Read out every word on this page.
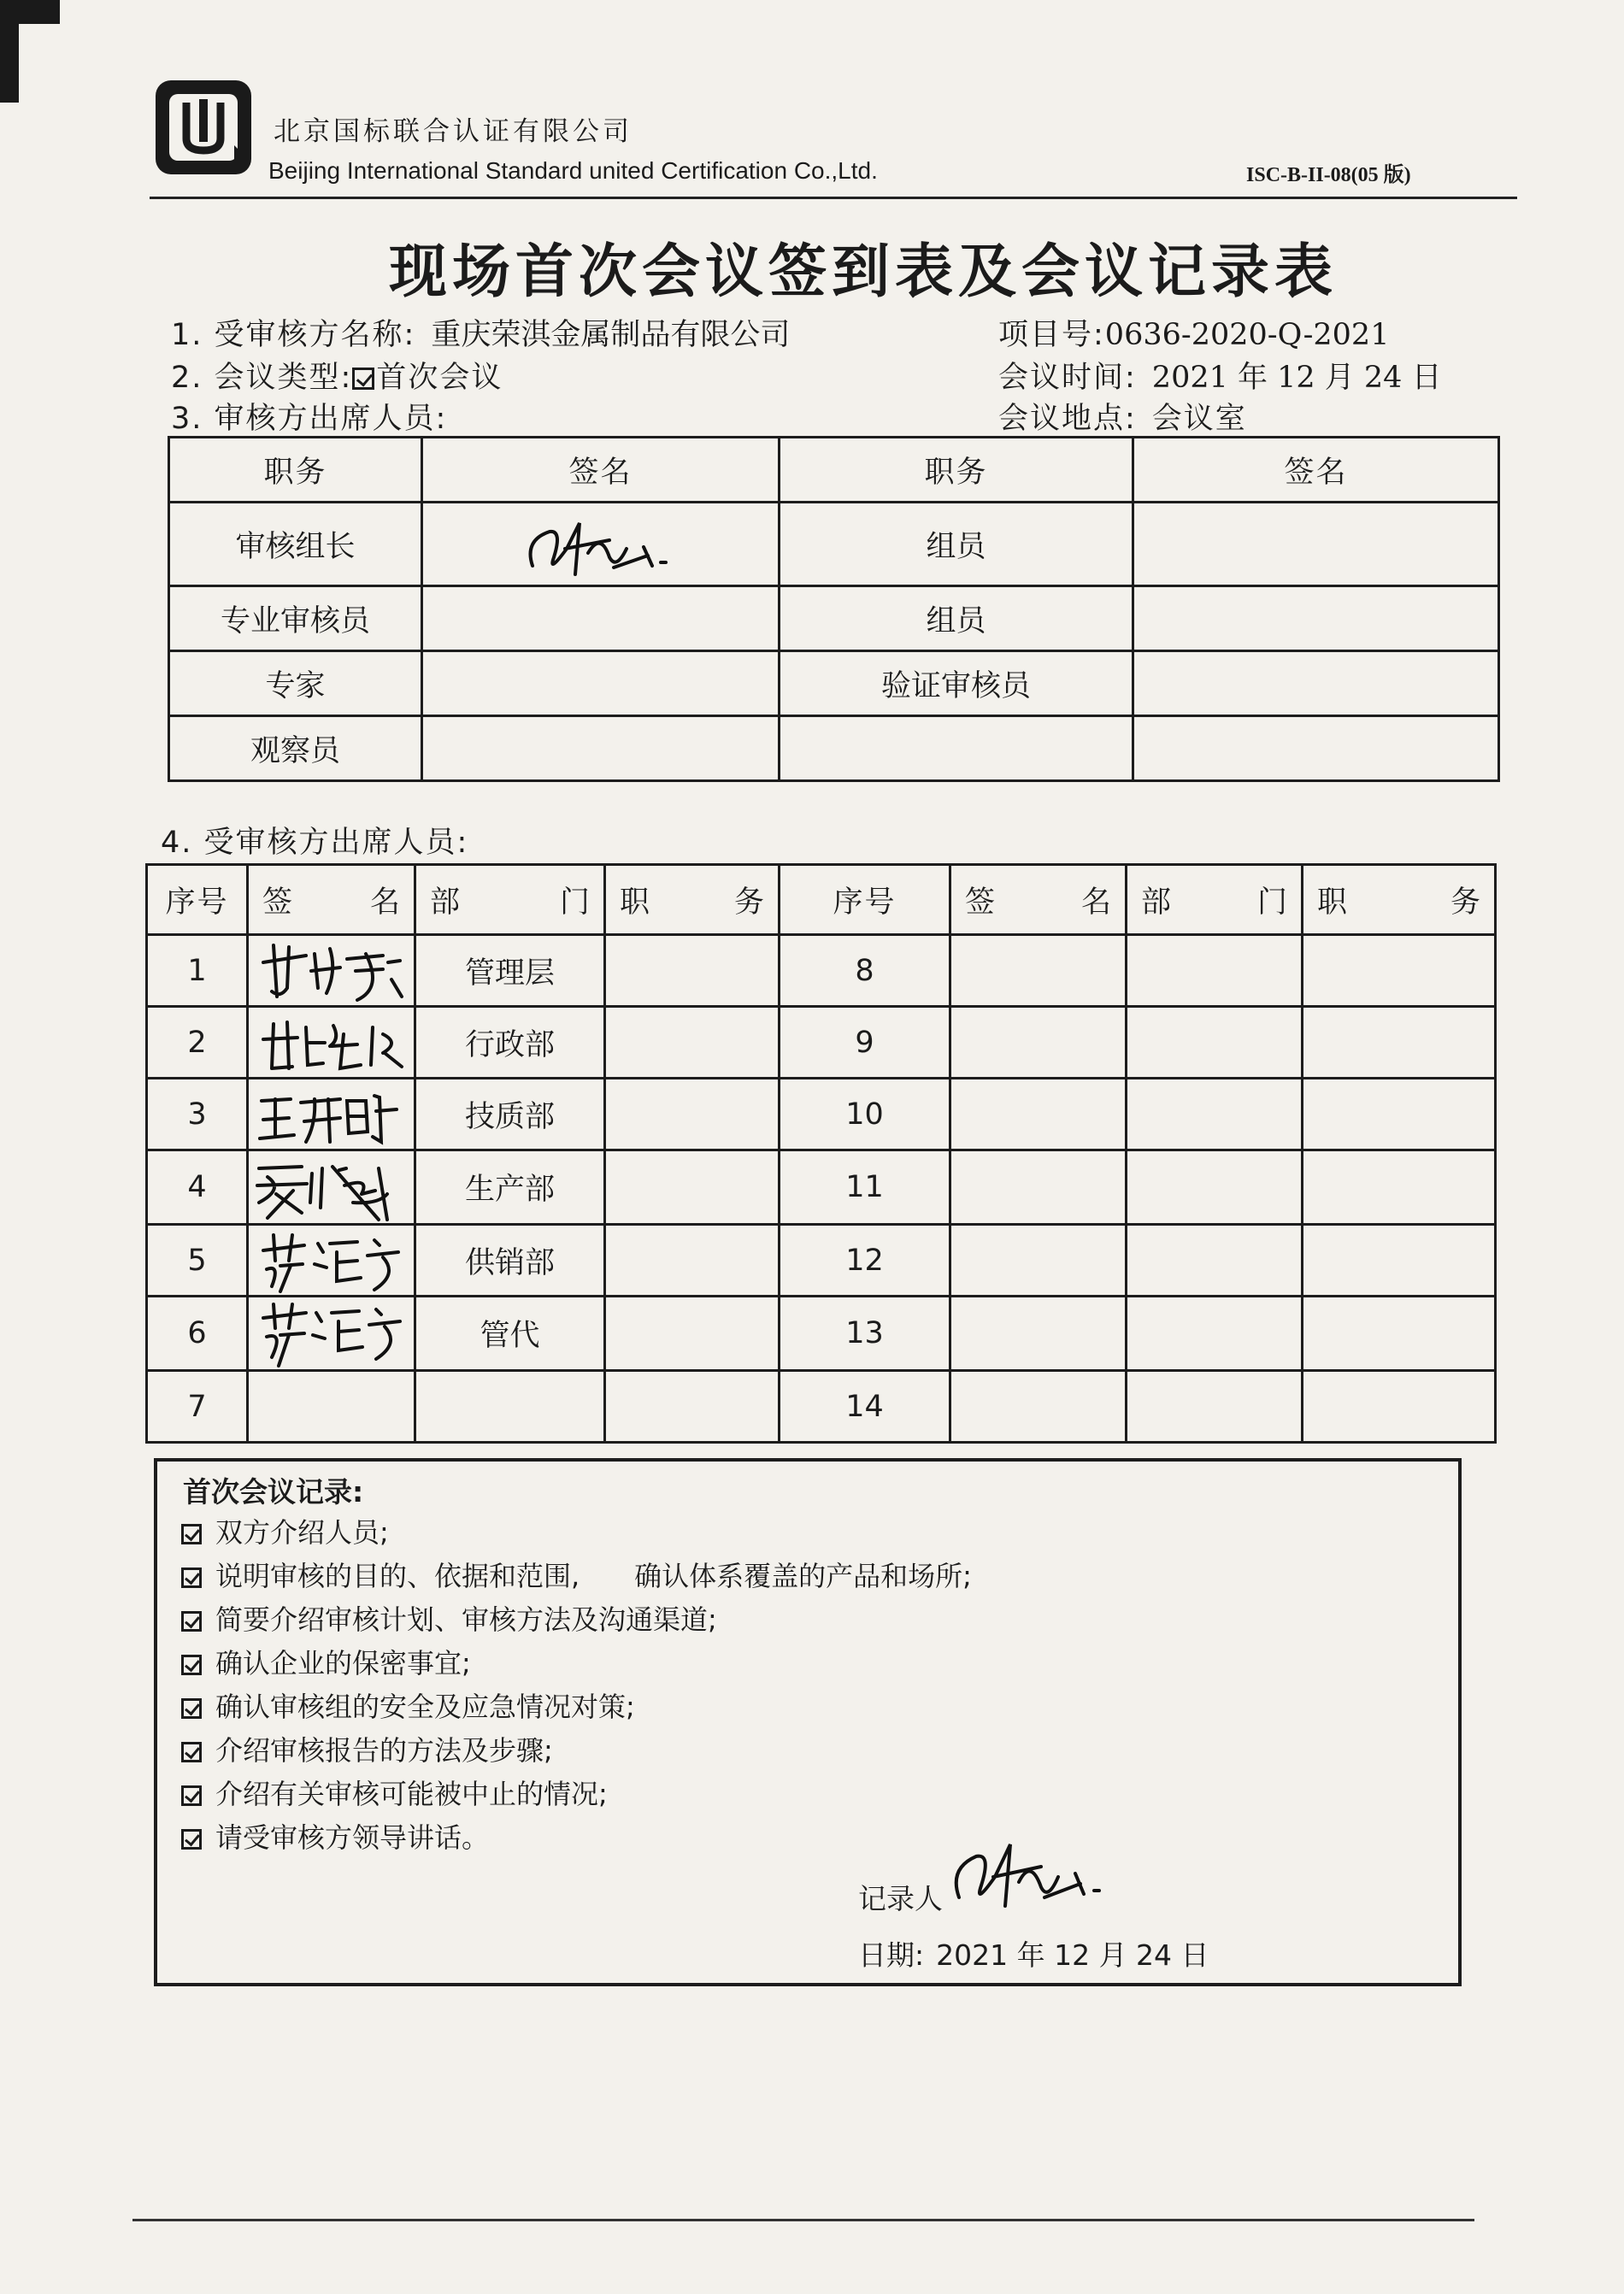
北京国标联合认证有限公司
Beijing International Standard united Certification Co.,Ltd.	ISC-B-II-08(05 版)
现场首次会议签到表及会议记录表
1. 受审核方名称: 重庆荣淇金属制品有限公司	项目号:0636-2020-Q-2021
2. 会议类型: 首次会议	会议时间: 2021 年 12 月 24 日
3. 审核方出席人员:	会议地点: 会议室
职务	签名	职务	签名
审核组长		组员	
专业审核员		组员	
专家		验证审核员	
观察员			
4. 受审核方出席人员:
序号	签 名	部 门	职 务	序号	签 名	部 门	职 务

1		管理层		8			
2		行政部		9			
3		技质部		10			
4		生产部		11			
5		供销部		12			
6		管代		13			
7				14			
首次会议记录:
双方介绍人员;
说明审核的目的、依据和范围,　　确认体系覆盖的产品和场所;
简要介绍审核计划、审核方法及沟通渠道;
确认企业的保密事宜;
确认审核组的安全及应急情况对策;
介绍审核报告的方法及步骤;
介绍有关审核可能被中止的情况;
请受审核方领导讲话。
记录人
日期: 2021 年 12 月 24 日
